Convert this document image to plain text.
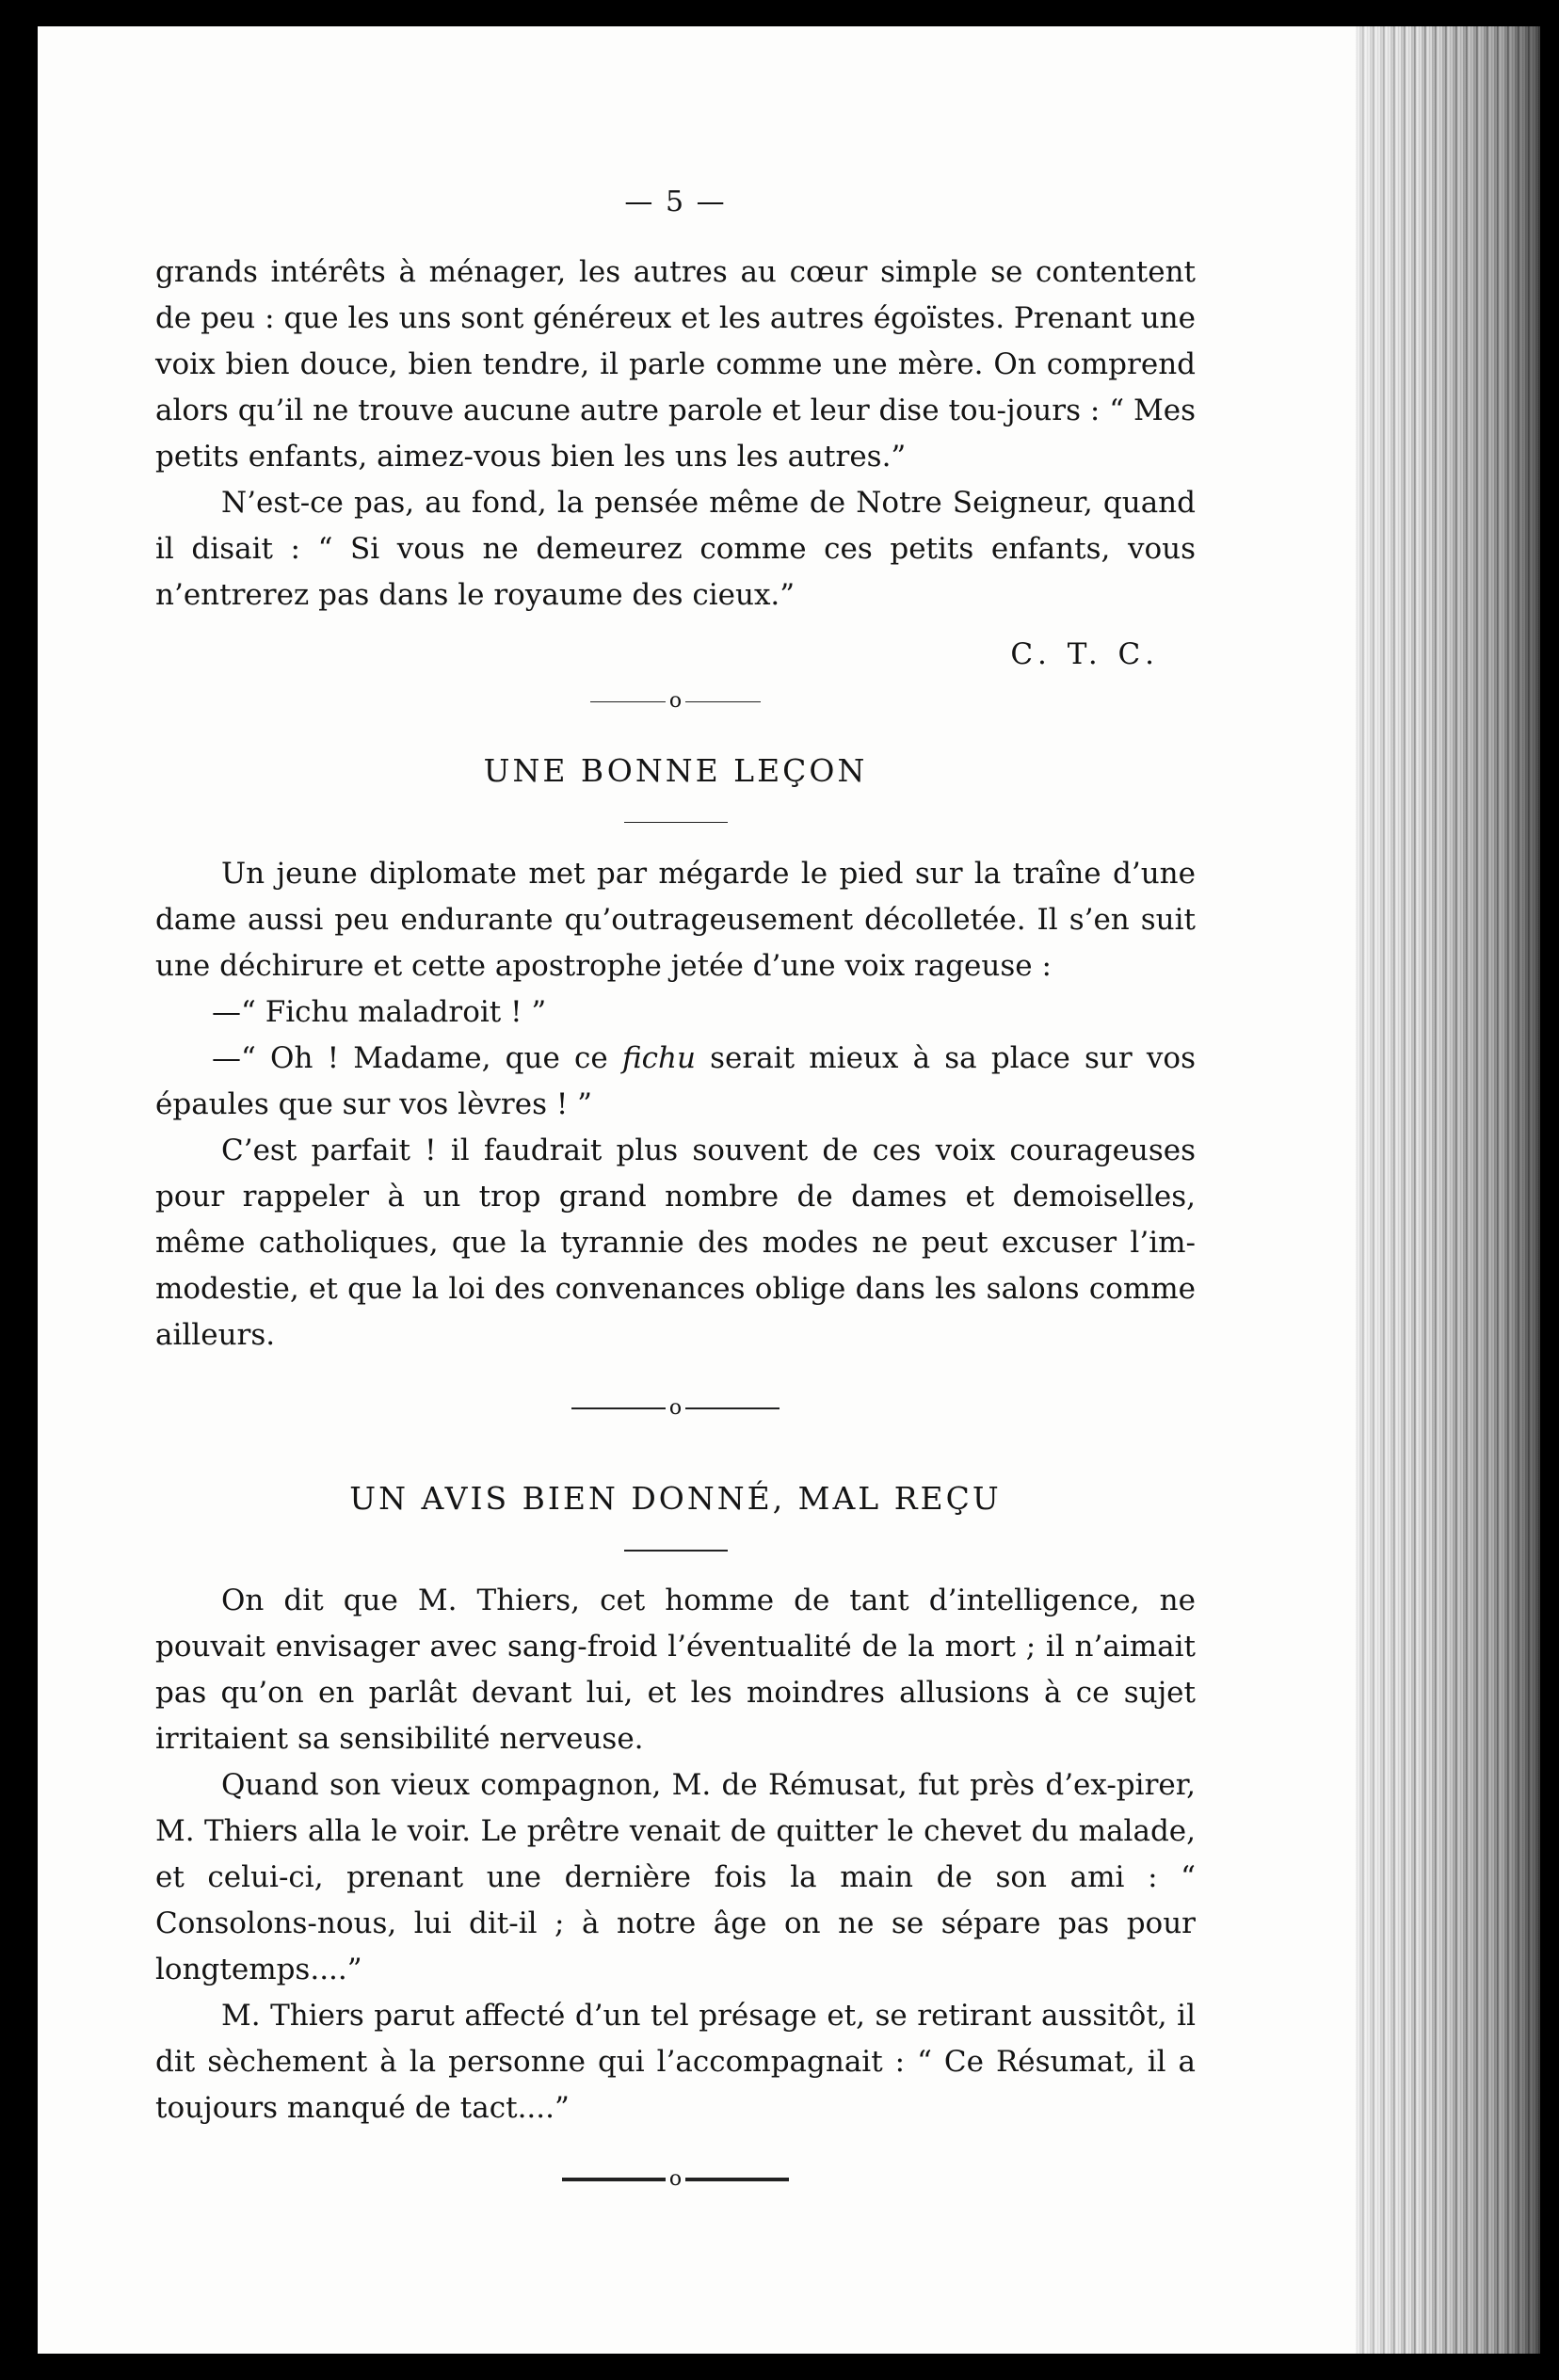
— 5 —

grands intérêts à ménager, les autres au cœur simple se contentent de peu : que les uns sont généreux et les autres égoïstes. Prenant une voix bien douce, bien tendre, il parle comme une mère. On comprend alors qu’il ne trouve aucune autre parole et leur dise tou-jours : “ Mes petits enfants, aimez-vous bien les uns les autres.”

N’est-ce pas, au fond, la pensée même de Notre Seigneur, quand il disait : “ Si vous ne demeurez comme ces petits enfants, vous n’entrerez pas dans le royaume des cieux.”

C. T. C.
o
UNE BONNE LEÇON

Un jeune diplomate met par mégarde le pied sur la traîne d’une dame aussi peu endurante qu’outrageusement décolletée. Il s’en suit une déchirure et cette apostrophe jetée d’une voix rageuse :

—“ Fichu maladroit ! ”

—“ Oh ! Madame, que ce fichu serait mieux à sa place sur vos épaules que sur vos lèvres ! ”

C’est parfait ! il faudrait plus souvent de ces voix courageuses pour rappeler à un trop grand nombre de dames et demoiselles, même catholiques, que la tyrannie des modes ne peut excuser l’im-modestie, et que la loi des convenances oblige dans les salons comme ailleurs.

o
UN AVIS BIEN DONNÉ, MAL REÇU

On dit que M. Thiers, cet homme de tant d’intelligence, ne pouvait envisager avec sang-froid l’éventualité de la mort ; il n’aimait pas qu’on en parlât devant lui, et les moindres allusions à ce sujet irritaient sa sensibilité nerveuse.

Quand son vieux compagnon, M. de Rémusat, fut près d’ex-pirer, M. Thiers alla le voir. Le prêtre venait de quitter le chevet du malade, et celui-ci, prenant une dernière fois la main de son ami : “ Consolons-nous, lui dit-il ; à notre âge on ne se sépare pas pour longtemps....”

M. Thiers parut affecté d’un tel présage et, se retirant aussitôt, il dit sèchement à la personne qui l’accompagnait : “ Ce Résumat, il a toujours manqué de tact....”

o
